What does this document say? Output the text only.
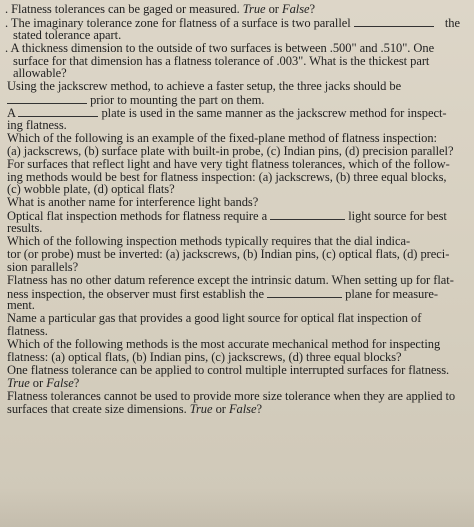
. Flatness tolerances can be gaged or measured. True or False?
. The imaginary tolerance zone for flatness of a surface is two parallel	the
stated tolerance apart.
. A thickness dimension to the outside of two surfaces is between .500" and .510". One
surface for that dimension has a flatness tolerance of .003". What is the thickest part
allowable?
Using the jackscrew method, to achieve a faster setup, the three jacks should be
prior to mounting the part on them.
A	plate is used in the same manner as the jackscrew method for inspect-
ing flatness.
Which of the following is an example of the fixed-plane method of flatness inspection:
(a) jackscrews, (b) surface plate with built-in probe, (c) Indian pins, (d) precision parallel?
For surfaces that reflect light and have very tight flatness tolerances, which of the follow-
ing methods would be best for flatness inspection: (a) jackscrews, (b) three equal blocks,
(c) wobble plate, (d) optical flats?
What is another name for interference light bands?
Optical flat inspection methods for flatness require a	light source for best
results.
Which of the following inspection methods typically requires that the dial indica-
tor (or probe) must be inverted: (a) jackscrews, (b) Indian pins, (c) optical flats, (d) preci-
sion parallels?
Flatness has no other datum reference except the intrinsic datum. When setting up for flat-
ness inspection, the observer must first establish the	plane for measure-
ment.
Name a particular gas that provides a good light source for optical flat inspection of
flatness.
Which of the following methods is the most accurate mechanical method for inspecting
flatness: (a) optical flats, (b) Indian pins, (c) jackscrews, (d) three equal blocks?
One flatness tolerance can be applied to control multiple interrupted surfaces for flatness.
True or False?
Flatness tolerances cannot be used to provide more size tolerance when they are applied to
surfaces that create size dimensions. True or False?
